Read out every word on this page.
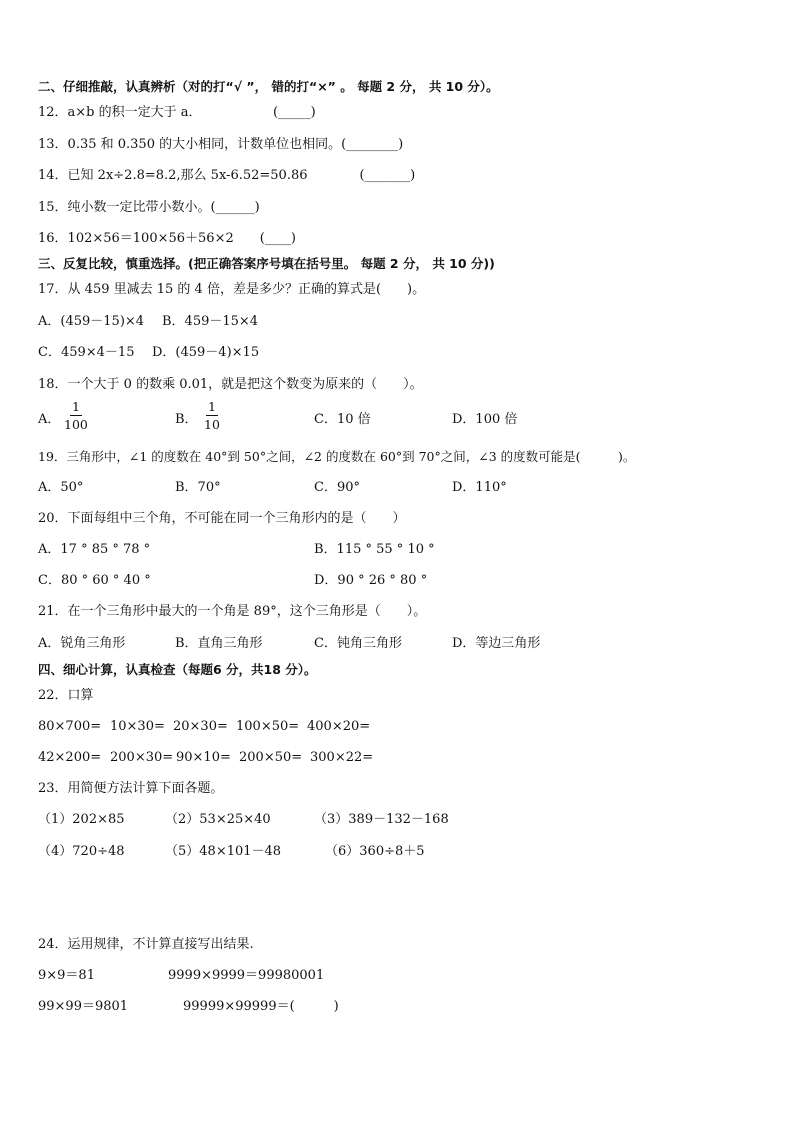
二、仔细推敲，认真辨析（对的打“√ ”， 错的打“×” 。 每题 2 分， 共 10 分）。
12．a×b 的积一定大于 a．　　　　　　(_____)
13．0.35 和 0.350 的大小相同，计数单位也相同。(________)
14．已知 2x÷2.8=8.2,那么 5x-6.52=50.86　　　　(_______)
15．纯小数一定比带小数小。(______)
16．102×56＝100×56＋56×2　　(____)
三、反复比较，慎重选择。(把正确答案序号填在括号里。 每题 2 分， 共 10 分))
17．从 459 里减去 15 的 4 倍，差是多少？正确的算式是(　　)。
A．(459－15)×4 B．459－15×4
C．459×4－15 D．(459－4)×15
18．一个大于 0 的数乘 0.01，就是把这个数变为原来的（　　）。
A． $\frac{1}{100}$	B． $\frac{1}{10}$	C．10 倍	D．100 倍
19．三角形中，∠1 的度数在 40°到 50°之间，∠2 的度数在 60°到 70°之间，∠3 的度数可能是(　　　)。
A．50°	B．70°	C．90°	D．110°
20．下面每组中三个角，不可能在同一个三角形内的是（　　）
A．17 ° 85 ° 78 °	B．115 ° 55 ° 10 °
C．80 ° 60 ° 40 °	D．90 ° 26 ° 80 °
21．在一个三角形中最大的一个角是 89°，这个三角形是（　　）。
A．锐角三角形	B．直角三角形	C．钝角三角形	D．等边三角形
四、细心计算，认真检查（每题6 分，共18 分）。
22．口算
80×700= 10×30= 20×30= 100×50= 400×20=
42×200= 200×30= 90×10= 200×50= 300×22=
23．用简便方法计算下面各题。
（1）202×85	（2）53×25×40	（3）389－132－168
（4）720÷48	（5）48×101－48	（6）360÷8＋5
24．运用规律，不计算直接写出结果.
9×9＝81	9999×9999＝99980001
99×99＝9801	99999×99999＝(　　　)
